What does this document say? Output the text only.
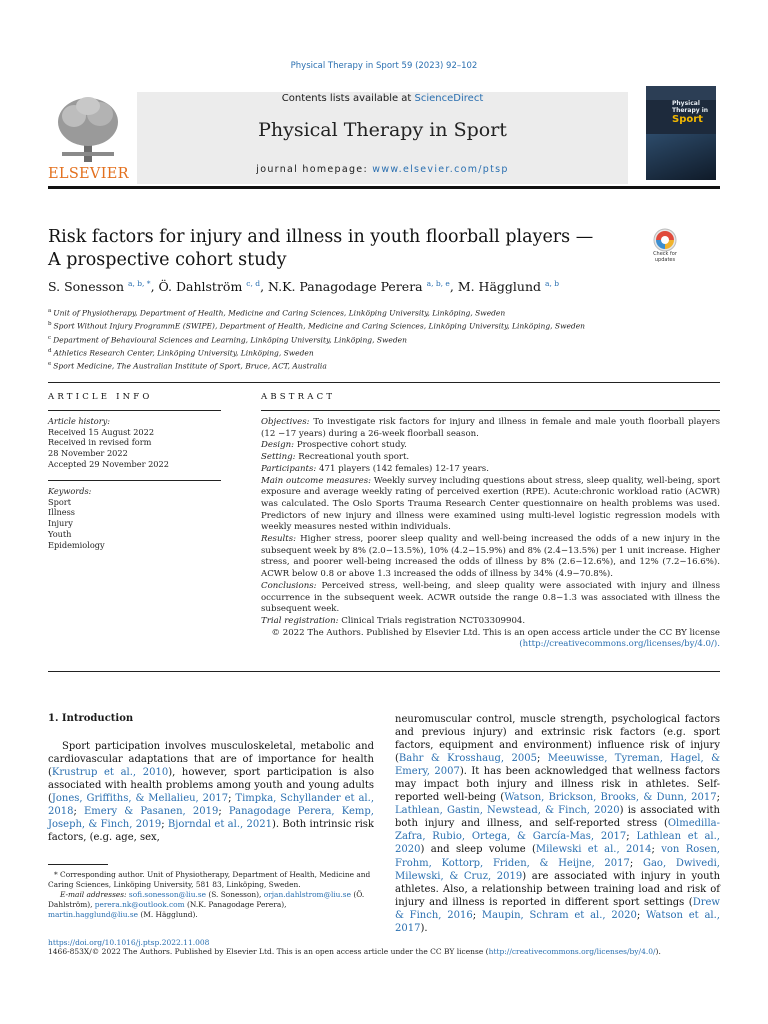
Physical Therapy in Sport 59 (2023) 92–102
ELSEVIER
Contents lists available at ScienceDirect
Physical Therapy in Sport
journal homepage: www.elsevier.com/ptsp
Physical
Therapy in
Sport
Risk factors for injury and illness in youth floorball players — A prospective cohort study	Check for updates
S. Sonesson $^{a, b, *}$, Ö. Dahlström $^{c, d}$, N.K. Panagodage Perera $^{a, b, e}$, M. Hägglund $^{a, b}$
$^a$ Unit of Physiotherapy, Department of Health, Medicine and Caring Sciences, Linköping University, Linköping, Sweden
$^b$ Sport Without Injury ProgrammE (SWIPE), Department of Health, Medicine and Caring Sciences, Linköping University, Linköping, Sweden
$^c$ Department of Behavioural Sciences and Learning, Linköping University, Linköping, Sweden
$^d$ Athletics Research Center, Linköping University, Linköping, Sweden
$^e$ Sport Medicine, The Australian Institute of Sport, Bruce, ACT, Australia
ARTICLE INFO
Article history:
Received 15 August 2022
Received in revised form
28 November 2022
Accepted 29 November 2022
Keywords:
Sport
Illness
Injury
Youth
Epidemiology
ABSTRACT

Objectives: To investigate risk factors for injury and illness in female and male youth floorball players (12 −17 years) during a 26-week floorball season.

Design: Prospective cohort study.

Setting: Recreational youth sport.

Participants: 471 players (142 females) 12-17 years.

Main outcome measures: Weekly survey including questions about stress, sleep quality, well-being, sport exposure and average weekly rating of perceived exertion (RPE). Acute:chronic workload ratio (ACWR) was calculated. The Oslo Sports Trauma Research Center questionnaire on health problems was used. Predictors of new injury and illness were examined using multi-level logistic regression models with weekly measures nested within individuals.

Results: Higher stress, poorer sleep quality and well-being increased the odds of a new injury in the subsequent week by 8% (2.0−13.5%), 10% (4.2−15.9%) and 8% (2.4−13.5%) per 1 unit increase. Higher stress, and poorer well-being increased the odds of illness by 8% (2.6−12.6%), and 12% (7.2−16.6%). ACWR below 0.8 or above 1.3 increased the odds of illness by 34% (4.9−70.8%).

Conclusions: Perceived stress, well-being, and sleep quality were associated with injury and illness occurrence in the subsequent week. ACWR outside the range 0.8−1.3 was associated with illness the subsequent week.

Trial registration: Clinical Trials registration NCT03309904.

© 2022 The Authors. Published by Elsevier Ltd. This is an open access article under the CC BY license (http://creativecommons.org/licenses/by/4.0/).

1. Introduction

Sport participation involves musculoskeletal, metabolic and cardiovascular adaptations that are of importance for health (Krustrup et al., 2010), however, sport participation is also associated with health problems among youth and young adults (Jones, Griffiths, & Mellalieu, 2017; Timpka, Schyllander et al., 2018; Emery & Pasanen, 2019; Panagodage Perera, Kemp, Joseph, & Finch, 2019; Bjorndal et al., 2021). Both intrinsic risk factors, (e.g. age, sex,

neuromuscular control, muscle strength, psychological factors and previous injury) and extrinsic risk factors (e.g. sport factors, equipment and environment) influence risk of injury (Bahr & Krosshaug, 2005; Meeuwisse, Tyreman, Hagel, & Emery, 2007). It has been acknowledged that wellness factors may impact both injury and illness risk in athletes. Self-reported well-being (Watson, Brickson, Brooks, & Dunn, 2017; Lathlean, Gastin, Newstead, & Finch, 2020) is associated with both injury and illness, and self-reported stress (Olmedilla-Zafra, Rubio, Ortega, & García-Mas, 2017; Lathlean et al., 2020) and sleep volume (Milewski et al., 2014; von Rosen, Frohm, Kottorp, Friden, & Heijne, 2017; Gao, Dwivedi, Milewski, & Cruz, 2019) are associated with injury in youth athletes. Also, a relationship between training load and risk of injury and illness is reported in different sport settings (Drew & Finch, 2016; Maupin, Schram et al., 2020; Watson et al., 2017).

* Corresponding author. Unit of Physiotherapy, Department of Health, Medicine and Caring Sciences, Linköping University, 581 83, Linköping, Sweden.

E-mail addresses: sofi.sonesson@liu.se (S. Sonesson), orjan.dahlstrom@liu.se (Ö. Dahlström), perera.nk@outlook.com (N.K. Panagodage Perera), martin.hagglund@liu.se (M. Hägglund).

https://doi.org/10.1016/j.ptsp.2022.11.008
1466-853X/© 2022 The Authors. Published by Elsevier Ltd. This is an open access article under the CC BY license (http://creativecommons.org/licenses/by/4.0/).
